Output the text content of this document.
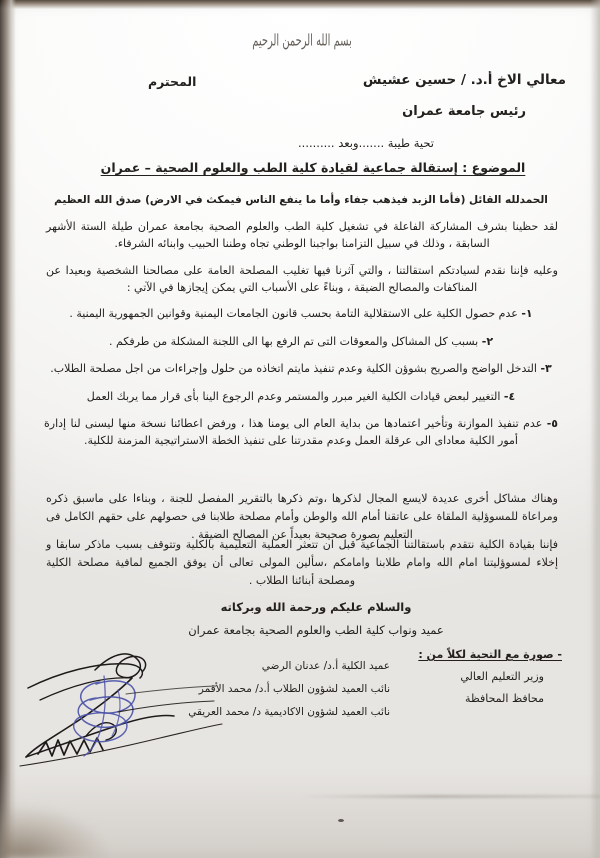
بسم الله الرحمن الرحيم
معالي الاخ أ.د. / حسين عشيش
المحترم
رئيس جامعة عمران
تحية طيبة .......وبعد ..........
الموضوع : إستقالة جماعية لقيادة كلية الطب والعلوم الصحية – عمران
الحمدلله القائل (فأما الزبد فيذهب جفاء وأما ما ينفع الناس فيمكث في الارض) صدق الله العظيم
لقد حظينا بشرف المشاركة الفاعلة في تشغيل كلية الطب والعلوم الصحية بجامعة عمران طيلة الستة الأشهر السابقة ، وذلك في سبيل التزامنا بواجبنا الوطني تجاه وطننا الحبيب وابنائه الشرفاء.
وعليه فإننا نقدم لسيادتكم استقالتنا ، والتي آثرنا فيها تغليب المصلحة العامة على مصالحنا الشخصية وبعيدا عن المناكفات والمصالح الضيقة ، وبناءً على الأسباب التي يمكن إيجازها في الآتي :
١- عدم حصول الكلية على الاستقلالية التامة بحسب قانون الجامعات اليمنية وقوانين الجمهورية اليمنية .
٢- بسبب كل المشاكل والمعوقات التى تم الرفع بها الى اللجنة المشكلة من طرفكم .
٣- التدخل الواضح والصريح بشوؤن الكلية وعدم تنفيذ مايتم اتخاذه من حلول وإجراءات من اجل مصلحة الطلاب.
٤- التغيير لبعض قيادات الكلية الغير مبرر والمستمر وعدم الرجوع الينا بأى قرار مما يربك العمل
٥- عدم تنفيذ الموازنة وتأخير اعتمادها من بداية العام الى يومنا هذا ، ورفض اعطائنا نسخة منها ليسنى لنا إدارة أمور الكلية معاداى الى عرقلة العمل وعدم مقدرتنا على تنفيذ الخطة الاستراتيجية المزمنة للكلية.
وهناك مشاكل أخرى عديدة لايسع المجال لذكرها ،وتم ذكرها بالتقرير المفصل للجنة ، وبناءا على ماسبق ذكره ومراعاة للمسوؤلية الملقاة على عاتقنا أمام الله والوطن وأمام مصلحة طلابنا فى حصولهم على حقهم الكامل فى التعليم بصورة صحيحة بعيداً عن المصالح الضيقة .
فإننا بقيادة الكلية نتقدم باستقالتنا الجماعية قبل ان تتعثر العملية التعليمية بالكلية وتتوقف بسبب ماذكر سابقا و إخلاء لمسوؤليتنا امام الله وامام طلابنا وامامكم ،سألين المولى تعالى أن يوفق الجميع لمافية مصلحة الكلية ومصلحة أبنائنا الطلاب .
والسلام عليكم ورحمة الله وبركاته
عميد ونواب كلية الطب والعلوم الصحية بجامعة عمران
- صورة مع التحية لكلاً من :
وزير التعليم العالي
محافظ المحافظة
عميد الكلية أ.د/ عدنان الرضي
نائب العميد لشؤون الطلاب أ.د/ محمد الأقمر
نائب العميد لشؤون الاكاديمية د/ محمد العريقي
